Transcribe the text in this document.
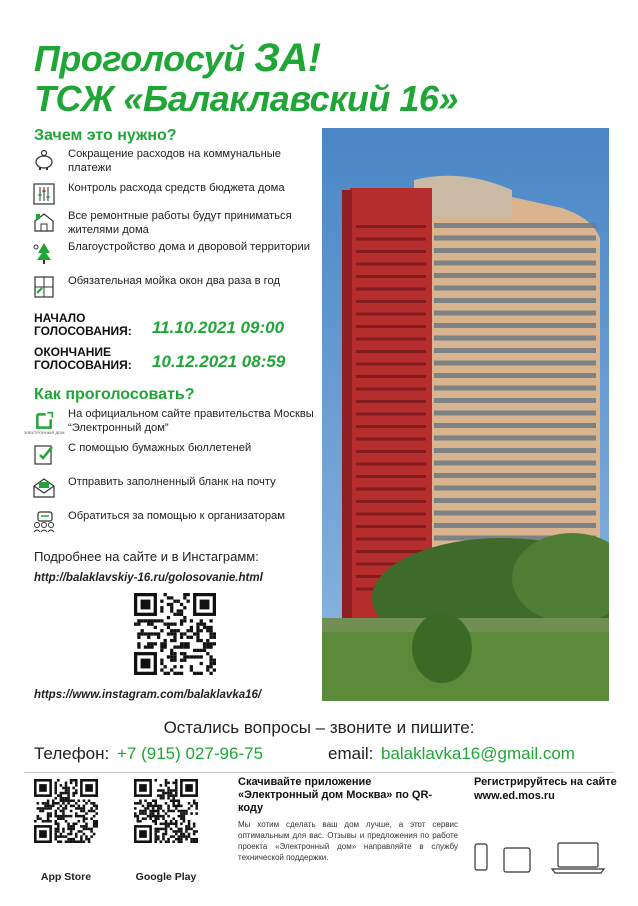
Проголосуй ЗА!
ТСЖ «Балаклавский 16»
Зачем это нужно?
Сокращение расходов на коммунальные платежи
Контроль расхода средств бюджета дома
Все ремонтные работы будут приниматься жителями дома
Благоустройство дома и дворовой территории
Обязательная мойка окон два раза в год
НАЧАЛО
ГОЛОСОВАНИЯ: 11.10.2021 09:00
ОКОНЧАНИЕ
ГОЛОСОВАНИЯ: 10.12.2021 08:59
Как проголосовать?
ЭЛЕКТРОННЫЙ ДОМ
На официальном сайте правительства Москвы “Электронный дом”
С помощью бумажных бюллетеней
Отправить заполненный бланк на почту
Обратиться за помощью к организаторам
Подробнее на сайте и в Инстаграмм:
http://balaklavskiy-16.ru/golosovanie.html
https://www.instagram.com/balaklavka16/
Остались вопросы – звоните и пишите:
Телефон: +7 (915) 027-96-75	email: balaklavka16@gmail.com
App Store	Google Play
Скачивайте приложение «Электронный дом Москва» по QR-коду
Мы хотим сделать ваш дом лучше, а этот сервис оптимальным для вас. Отзывы и предложения по работе проекта «Электронный дом» направляйте в службу технической поддержки.
Регистрируйтесь на сайте www.ed.mos.ru
